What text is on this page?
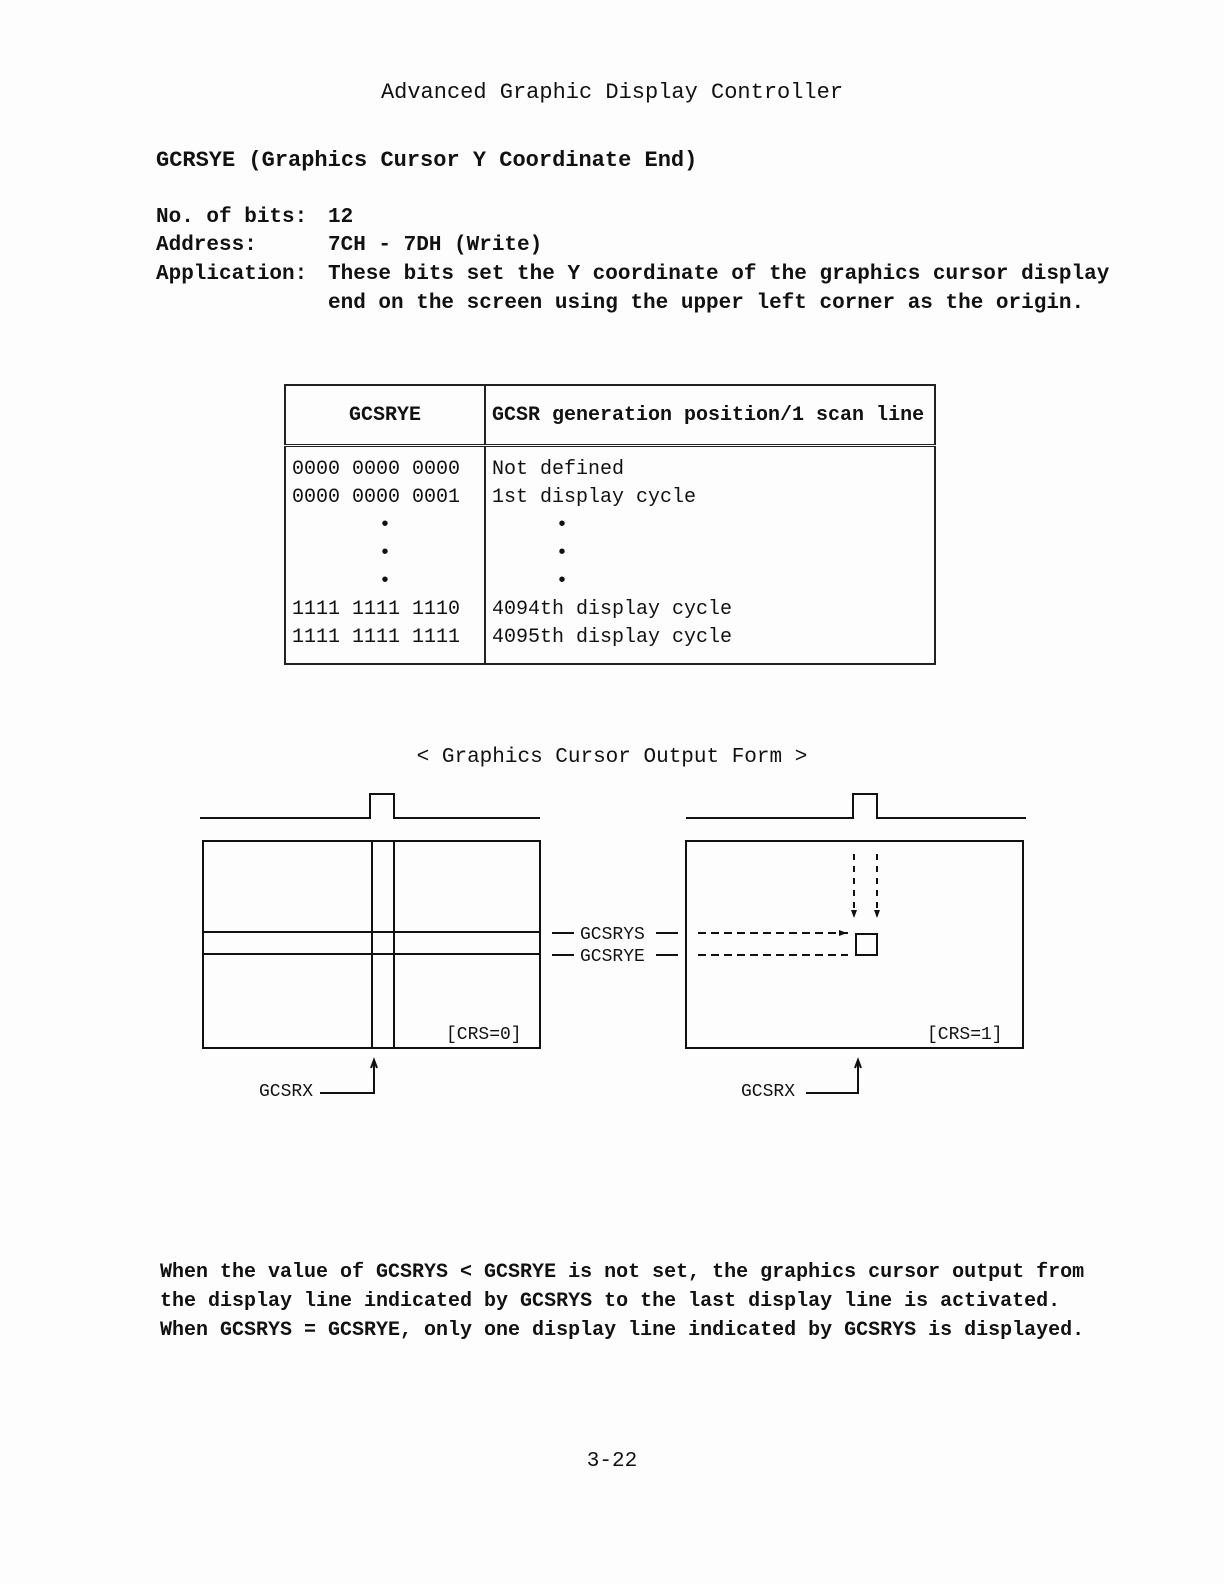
Advanced Graphic Display Controller
GCRSYE (Graphics Cursor Y Coordinate End)
No. of bits: 12
Address:	7CH - 7DH (Write)
Application: These bits set the Y coordinate of the graphics cursor display
end on the screen using the upper left corner as the origin.
GCSRYE	GCSR generation position/1 scan line

0000 0000 0000	Not defined
0000 0000 0001	1st display cycle
•	•
•	•
•	•
1111 1111 1110	4094th display cycle
1111 1111 1111	4095th display cycle

< Graphics Cursor Output Form >
GCSRYS
GCSRYE
[CRS=0]	[CRS=1]
GCSRX	GCSRX
When the value of GCSRYS < GCSRYE is not set, the graphics cursor output from
the display line indicated by GCSRYS to the last display line is activated.
When GCSRYS = GCSRYE, only one display line indicated by GCSRYS is displayed.
3-22
